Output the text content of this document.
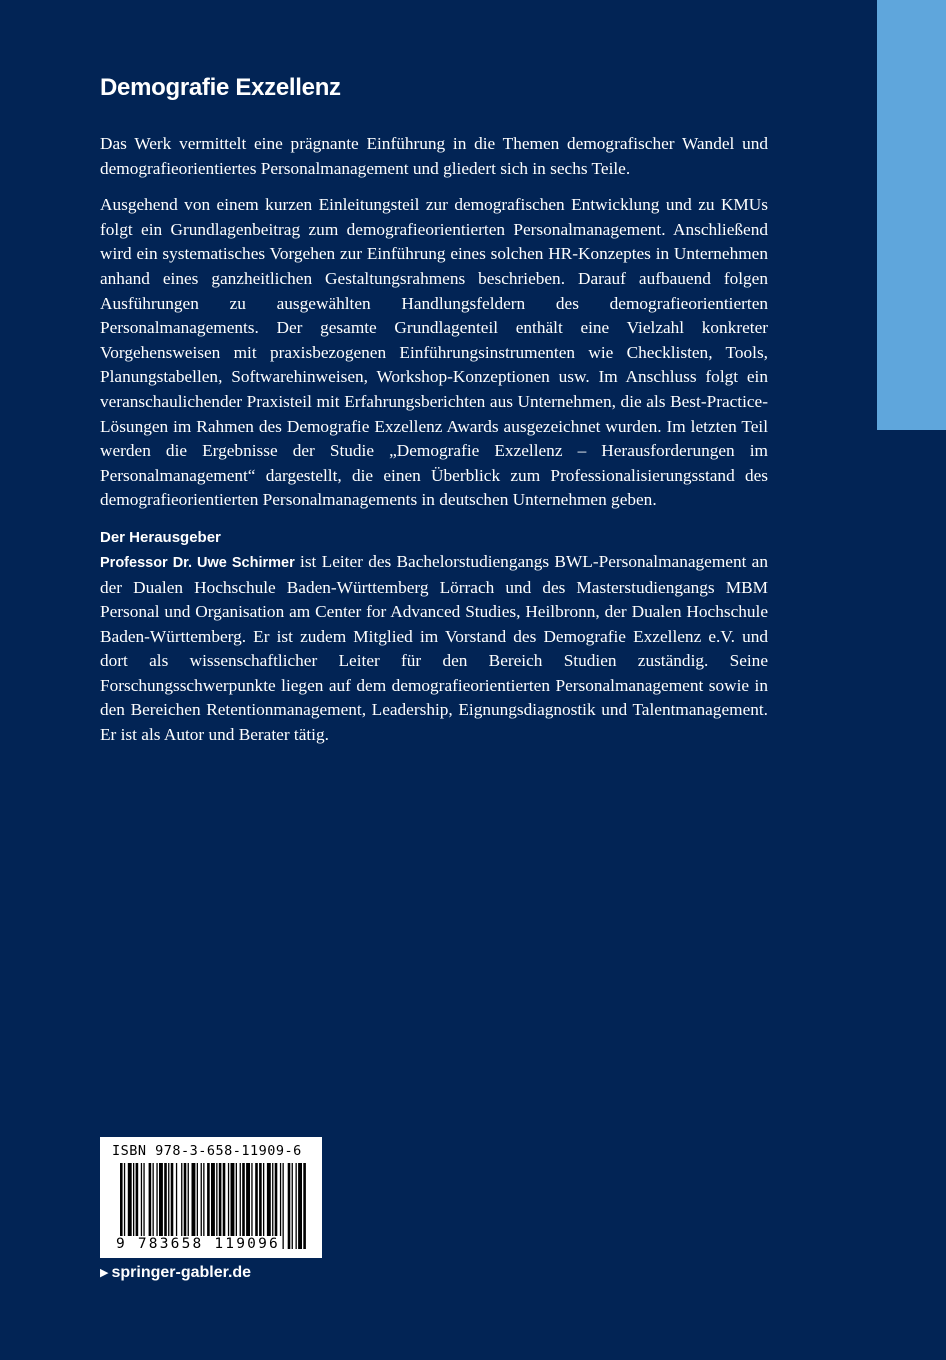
Demografie Exzellenz

Das Werk vermittelt eine prägnante Einführung in die Themen demografischer Wandel und demografieorientiertes Personalmanagement und gliedert sich in sechs Teile.

Ausgehend von einem kurzen Einleitungsteil zur demografischen Entwicklung und zu KMUs folgt ein Grundlagenbeitrag zum demografieorientierten Personalmanagement. Anschließend wird ein systematisches Vorgehen zur Einführung eines solchen HR-Konzeptes in Unternehmen anhand eines ganzheitlichen Gestaltungsrahmens beschrieben. Darauf aufbauend folgen Ausführungen zu ausgewählten Handlungsfeldern des demografieorientierten Personalmanagements. Der gesamte Grundlagenteil enthält eine Vielzahl konkreter Vorgehensweisen mit praxisbezogenen Einführungsinstrumenten wie Checklisten, Tools, Planungstabellen, Softwarehinweisen, Workshop-Konzeptionen usw. Im Anschluss folgt ein veranschaulichender Praxisteil mit Erfahrungsberichten aus Unternehmen, die als Best-Practice-Lösungen im Rahmen des Demografie Exzellenz Awards ausgezeichnet wurden. Im letzten Teil werden die Ergebnisse der Studie „Demografie Exzellenz – Herausforderungen im Personalmanagement“ dargestellt, die einen Überblick zum Professionalisierungsstand des demografieorientierten Personalmanagements in deutschen Unternehmen geben.

Der Herausgeber

Professor Dr. Uwe Schirmer ist Leiter des Bachelorstudiengangs BWL-Personalmanagement an der Dualen Hochschule Baden-Württemberg Lörrach und des Masterstudiengangs MBM Personal und Organisation am Center for Advanced Studies, Heilbronn, der Dualen Hochschule Baden-Württemberg. Er ist zudem Mitglied im Vorstand des Demografie Exzellenz e.V. und dort als wissenschaftlicher Leiter für den Bereich Studien zuständig. Seine Forschungsschwerpunkte liegen auf dem demografieorientierten Personalmanagement sowie in den Bereichen Retentionmanagement, Leadership, Eignungsdiagnostik und Talentmanagement. Er ist als Autor und Berater tätig.

ISBN 978-3-658-11909-6
9 783658 119096
▶ springer-gabler.de
